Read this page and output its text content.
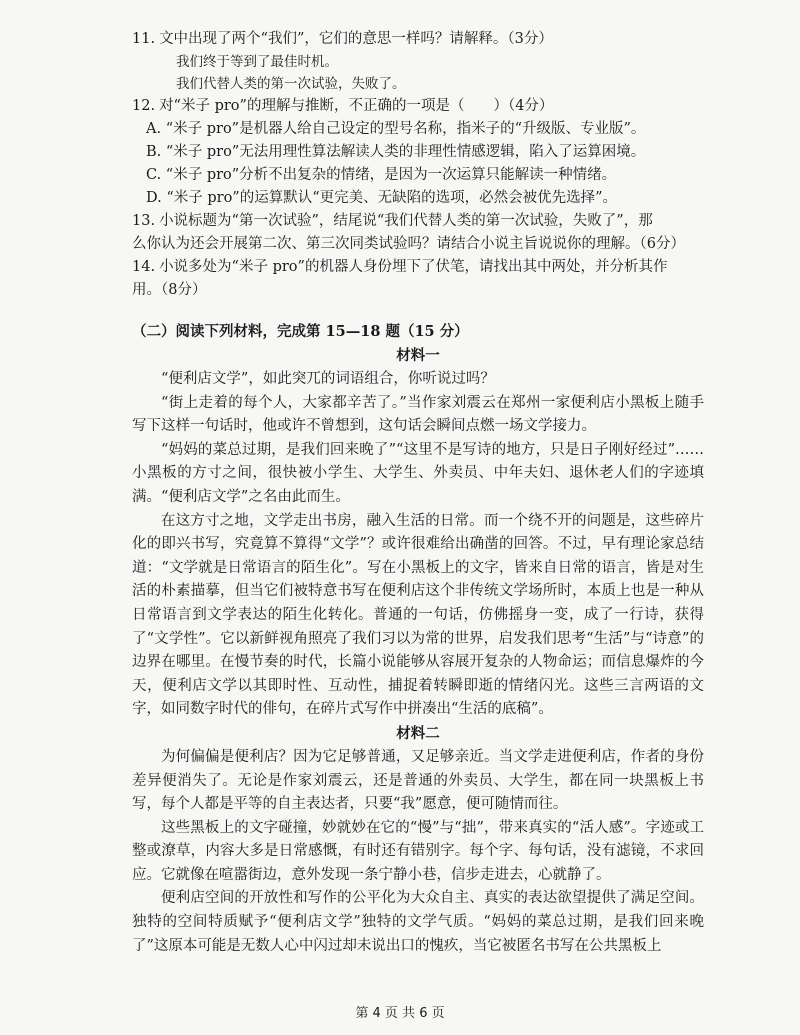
11. 文中出现了两个“我们”，它们的意思一样吗？请解释。（3分）

我们终于等到了最佳时机。

我们代替人类的第一次试验，失败了。

12. 对“米子 pro”的理解与推断，不正确的一项是（　　）（4分）

A. “米子 pro”是机器人给自己设定的型号名称，指米子的“升级版、专业版”。

B. “米子 pro”无法用理性算法解读人类的非理性情感逻辑，陷入了运算困境。

C. “米子 pro”分析不出复杂的情绪，是因为一次运算只能解读一种情绪。

D. “米子 pro”的运算默认“更完美、无缺陷的选项，必然会被优先选择”。

13. 小说标题为“第一次试验”，结尾说“我们代替人类的第一次试验，失败了”，那

么你认为还会开展第二次、第三次同类试验吗？请结合小说主旨说说你的理解。（6分）

14. 小说多处为“米子 pro”的机器人身份埋下了伏笔，请找出其中两处，并分析其作

用。（8分）

（二）阅读下列材料，完成第 15—18 题（15 分）

材料一

“便利店文学”，如此突兀的词语组合，你听说过吗？

“街上走着的每个人，大家都辛苦了。”当作家刘震云在郑州一家便利店小黑板上随手写下这样一句话时，他或许不曾想到，这句话会瞬间点燃一场文学接力。

“妈妈的菜总过期，是我们回来晚了”“这里不是写诗的地方，只是日子刚好经过”……小黑板的方寸之间，很快被小学生、大学生、外卖员、中年夫妇、退休老人们的字迹填满。“便利店文学”之名由此而生。

在这方寸之地，文学走出书房，融入生活的日常。而一个绕不开的问题是，这些碎片化的即兴书写，究竟算不算得“文学”？或许很难给出确凿的回答。不过，早有理论家总结道：“文学就是日常语言的陌生化”。写在小黑板上的文字，皆来自日常的语言，皆是对生活的朴素描摹，但当它们被特意书写在便利店这个非传统文学场所时，本质上也是一种从日常语言到文学表达的陌生化转化。普通的一句话，仿佛摇身一变，成了一行诗，获得了“文学性”。它以新鲜视角照亮了我们习以为常的世界，启发我们思考“生活”与“诗意”的边界在哪里。在慢节奏的时代，长篇小说能够从容展开复杂的人物命运；而信息爆炸的今天，便利店文学以其即时性、互动性，捕捉着转瞬即逝的情绪闪光。这些三言两语的文字，如同数字时代的俳句，在碎片式写作中拼凑出“生活的底稿”。

材料二

为何偏偏是便利店？因为它足够普通，又足够亲近。当文学走进便利店，作者的身份差异便消失了。无论是作家刘震云，还是普通的外卖员、大学生，都在同一块黑板上书写，每个人都是平等的自主表达者，只要“我”愿意，便可随情而往。

这些黑板上的文字碰撞，妙就妙在它的“慢”与“拙”，带来真实的“活人感”。字迹或工整或潦草，内容大多是日常感慨，有时还有错别字。每个字、每句话，没有滤镜，不求回应。它就像在喧嚣街边，意外发现一条宁静小巷，信步走进去，心就静了。

便利店空间的开放性和写作的公平化为大众自主、真实的表达欲望提供了满足空间。独特的空间特质赋予“便利店文学”独特的文学气质。“妈妈的菜总过期，是我们回来晚了”这原本可能是无数人心中闪过却未说出口的愧疚，当它被匿名书写在公共黑板上

第 4 页 共 6 页
